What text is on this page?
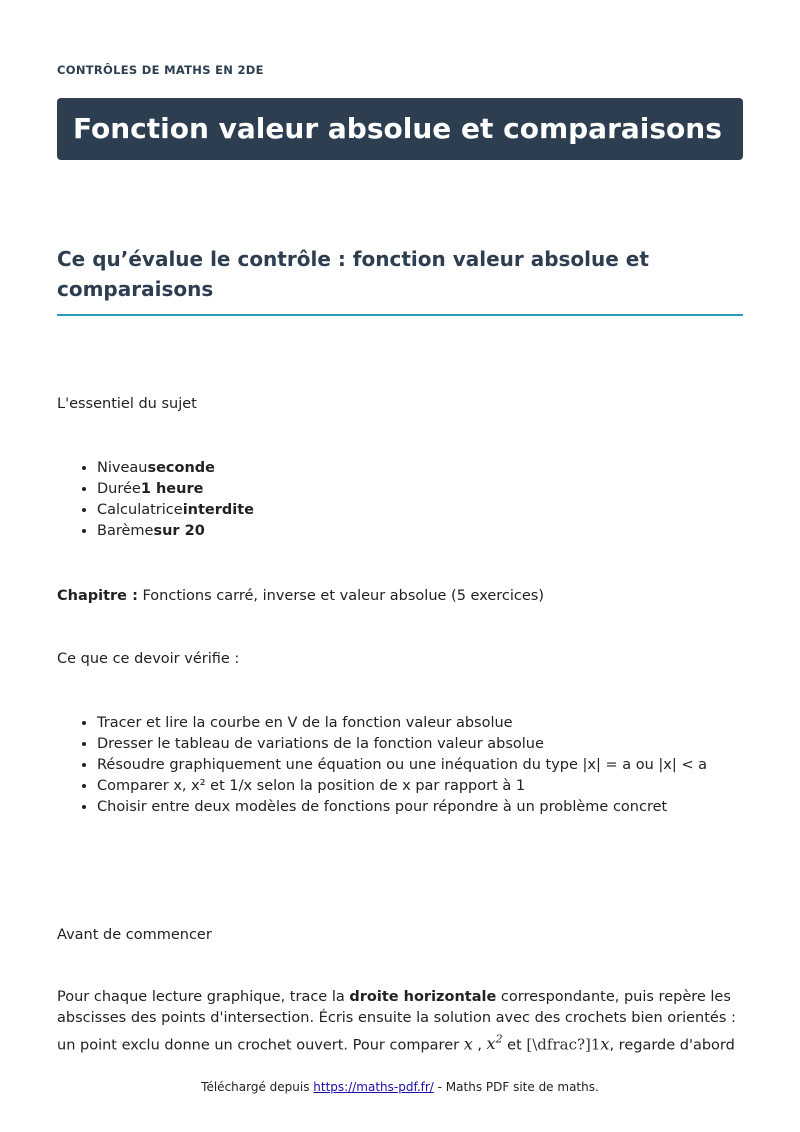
CONTRÔLES DE MATHS EN 2DE
Fonction valeur absolue et comparaisons
Ce qu’évalue le contrôle : fonction valeur absolue et comparaisons

L'essentiel du sujet

• Niveauseconde
• Durée1 heure
• Calculatriceinterdite
• Barèmesur 20

Chapitre : Fonctions carré, inverse et valeur absolue (5 exercices)

Ce que ce devoir vérifie :

• Tracer et lire la courbe en V de la fonction valeur absolue
• Dresser le tableau de variations de la fonction valeur absolue
• Résoudre graphiquement une équation ou une inéquation du type |x| = a ou |x| < a
• Comparer x, x² et 1/x selon la position de x par rapport à 1
• Choisir entre deux modèles de fonctions pour répondre à un problème concret

Avant de commencer

Pour chaque lecture graphique, trace la droite horizontale correspondante, puis repère les abscisses des points d'intersection. Écris ensuite la solution avec des crochets bien orientés : un point exclu donne un crochet ouvert. Pour comparer x , $x^2$ et [\dfrac?]1x, regarde d'abord

Téléchargé depuis https://maths-pdf.fr/ - Maths PDF site de maths.
